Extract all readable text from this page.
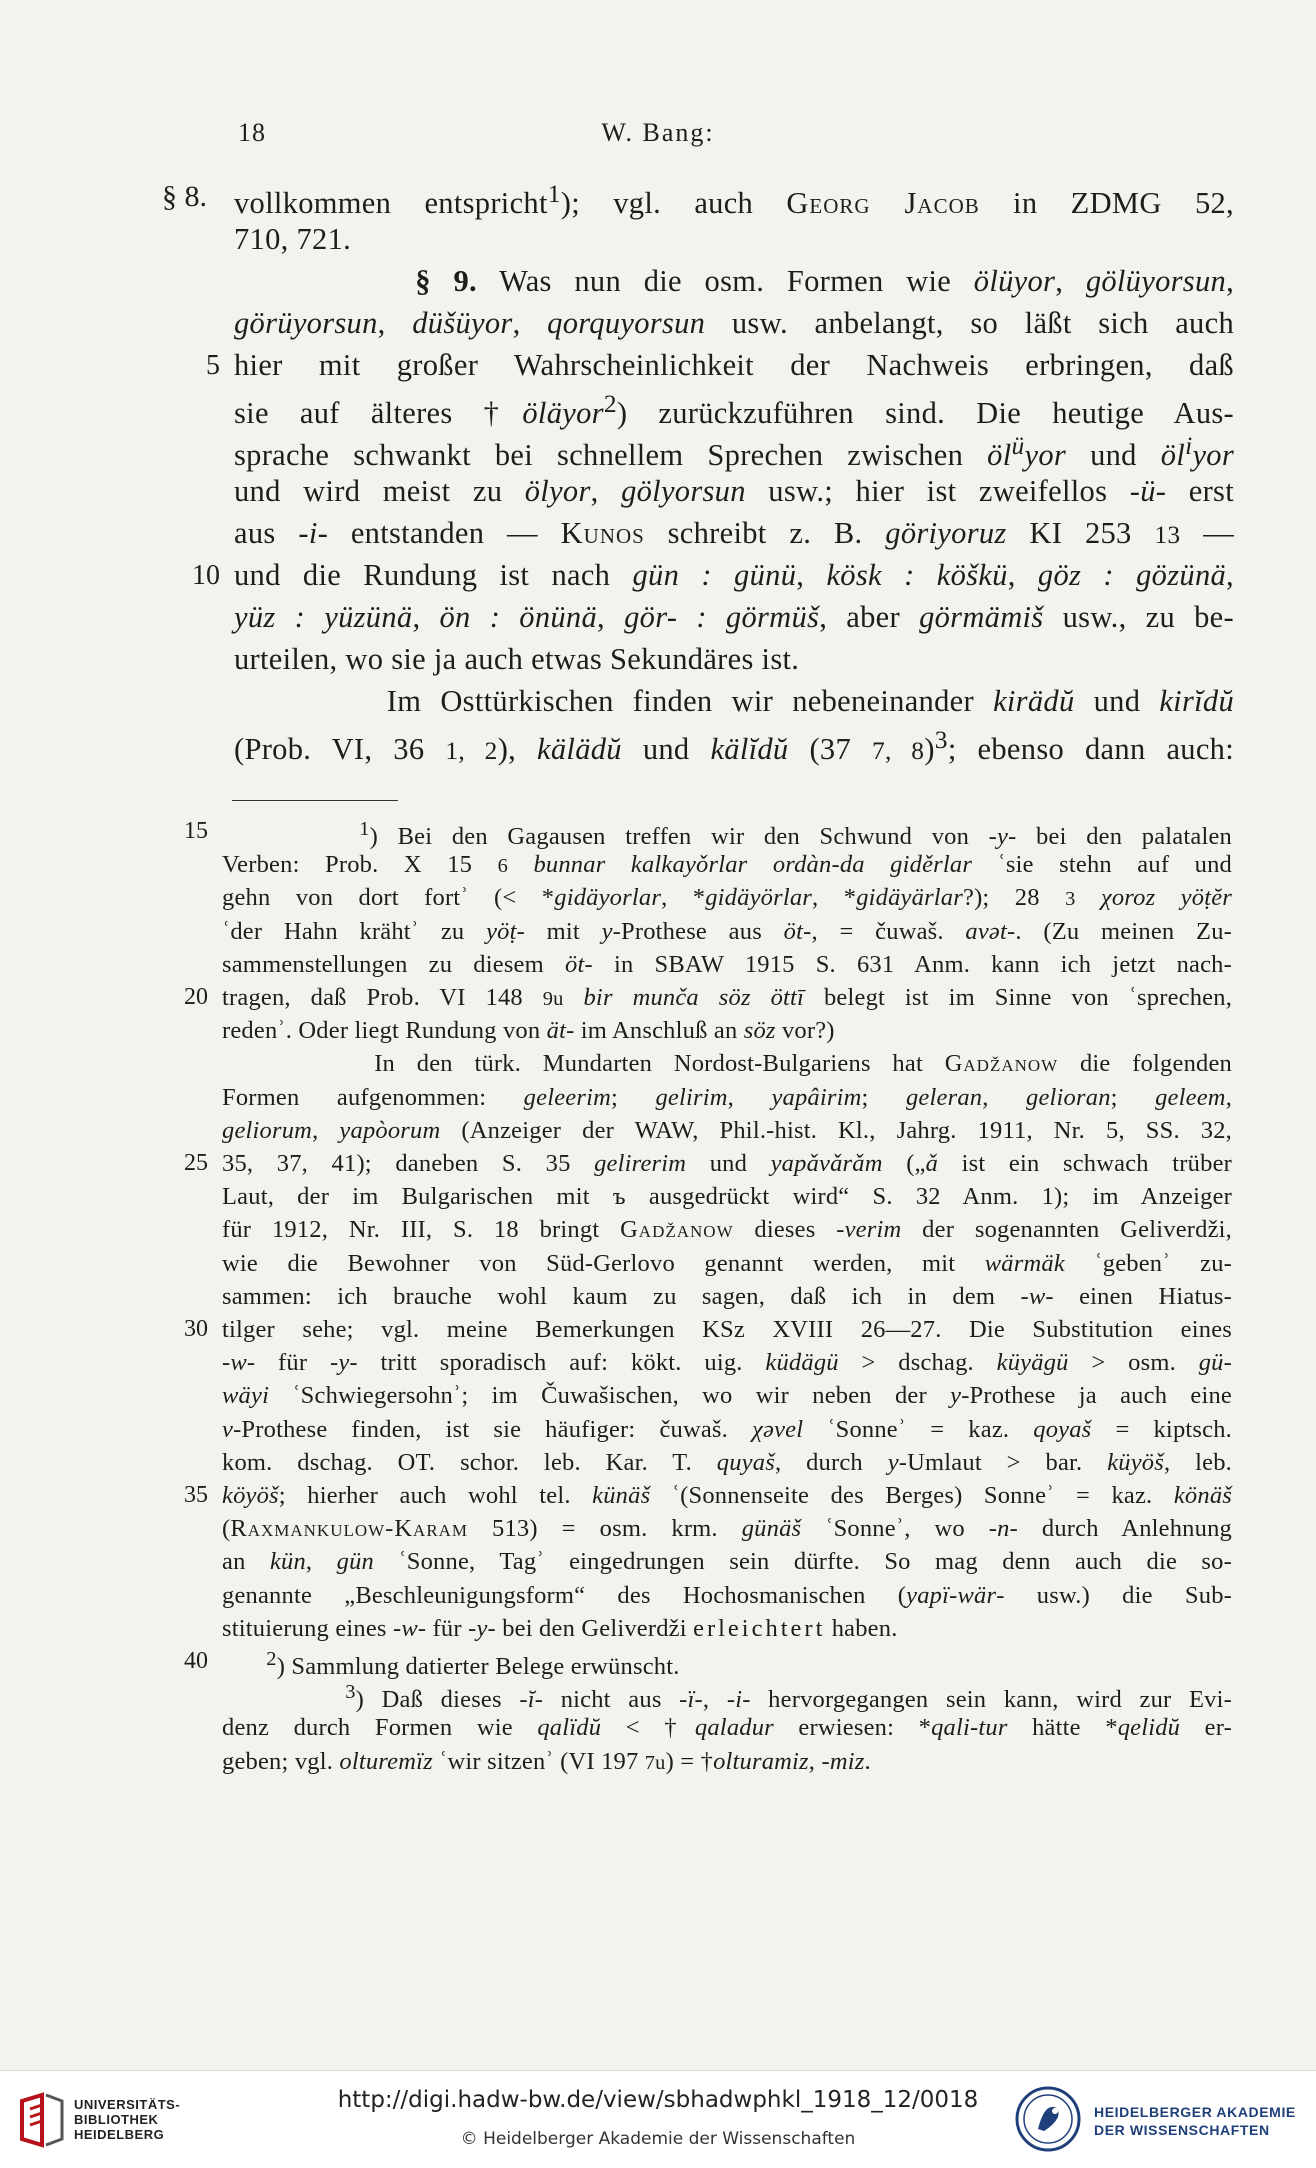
18	W. Bang:
vollkommen entspricht$^1$); vgl. auch Georg Jacob in ZDMG 52,
§ 8.
710, 721.
§ 9. Was nun die osm. Formen wie ölüyor, gölüyorsun,
görüyorsun, düšüyor, qorquyorsun usw. anbelangt, so läßt sich auch
hier mit großer Wahrscheinlichkeit der Nachweis erbringen, daß
5
sie auf älteres †öläyor$^2$) zurückzuführen sind. Die heutige Aus-
sprache schwankt bei schnellem Sprechen zwischen $öl^üyor$ und $öl^iyor$
und wird meist zu ölyor, gölyorsun usw.; hier ist zweifellos -ü- erst
aus -i- entstanden — Kunos schreibt z. B. göriyoruz KI 253 13 —
und die Rundung ist nach gün : günü, kösk : köškü, göz : gözünä,
10
yüz : yüzünä, ön : önünä, gör- : görmüš, aber görmämiš usw., zu be-
urteilen, wo sie ja auch etwas Sekundäres ist.
Im Osttürkischen finden wir nebeneinander kirädŭ und kirĭdŭ
(Prob. VI, 36 1, 2), kälädŭ und kälĭdŭ (37 7, 8)$^3$; ebenso dann auch:
$^1$) Bei den Gagausen treffen wir den Schwund von -y- bei den palatalen
15
Verben: Prob. X 15 6 bunnar kalkayǒrlar ordàn-da giděrlar ʿsie stehn auf und
gehn von dort fortʾ (< *gidäyorlar, *gidäyörlar, *gidäyärlar?); 28 3 χoroz yöṭĕr
ʿder Hahn krähtʾ zu yöṭ- mit y-Prothese aus öt-, = čuwaš. avǝt-. (Zu meinen Zu-
sammenstellungen zu diesem öt- in SBAW 1915 S. 631 Anm. kann ich jetzt nach-
tragen, daß Prob. VI 148 9u bir munča söz öttī belegt ist im Sinne von ʿsprechen,
20
redenʾ. Oder liegt Rundung von ät- im Anschluß an söz vor?)
In den türk. Mundarten Nordost-Bulgariens hat Gadžanow die folgenden
Formen aufgenommen: geleerim; gelirim, yapâirim; geleran, gelioran; geleem,
geliorum, yapòorum (Anzeiger der WAW, Phil.-hist. Kl., Jahrg. 1911, Nr. 5, SS. 32,
35, 37, 41); daneben S. 35 gelirerim und yapǎvǎrǎm („ǎ ist ein schwach trüber
25
Laut, der im Bulgarischen mit ъ ausgedrückt wird“ S. 32 Anm. 1); im Anzeiger
für 1912, Nr. III, S. 18 bringt Gadžanow dieses -verim der sogenannten Geliverdži,
wie die Bewohner von Süd-Gerlovo genannt werden, mit wärmäk ʿgebenʾ zu-
sammen: ich brauche wohl kaum zu sagen, daß ich in dem -w- einen Hiatus-
tilger sehe; vgl. meine Bemerkungen KSz XVIII 26—27. Die Substitution eines
30
-w- für -y- tritt sporadisch auf: kökt. uig. küdägü > dschag. küyägü > osm. gü-
wäyi ʿSchwiegersohnʾ; im Čuwašischen, wo wir neben der y-Prothese ja auch eine
v-Prothese finden, ist sie häufiger: čuwaš. χǝvel ʿSonneʾ = kaz. qoyaš = kiptsch.
kom. dschag. OT. schor. leb. Kar. T. quyaš, durch y-Umlaut > bar. küyöš, leb.
köyöš; hierher auch wohl tel. künäš ʿ(Sonnenseite des Berges) Sonneʾ = kaz. könäš
35
(Raχmankulow-Karam 513) = osm. krm. günäš ʿSonneʾ, wo -n- durch Anlehnung
an kün, gün ʿSonne, Tagʾ eingedrungen sein dürfte. So mag denn auch die so-
genannte „Beschleunigungsform“ des Hochosmanischen (yapï-wär- usw.) die Sub-
stituierung eines -w- für -y- bei den Geliverdži erleichtert haben.
$^2$) Sammlung datierter Belege erwünscht.
40
$^3$) Daß dieses -ĭ- nicht aus -ï-, -i- hervorgegangen sein kann, wird zur Evi-
denz durch Formen wie qalïdŭ < †qaladur erwiesen: *qali-tur hätte *qelidŭ er-
geben; vgl. olturemïz ʿwir sitzenʾ (VI 197 7u) = †olturamiz, -miz.
UNIVERSITÄTS-
BIBLIOTHEK
HEIDELBERG
http://digi.hadw-bw.de/view/sbhadwphkl_1918_12/0018
© Heidelberger Akademie der Wissenschaften
HEIDELBERGER AKADEMIE
DER WISSENSCHAFTEN
